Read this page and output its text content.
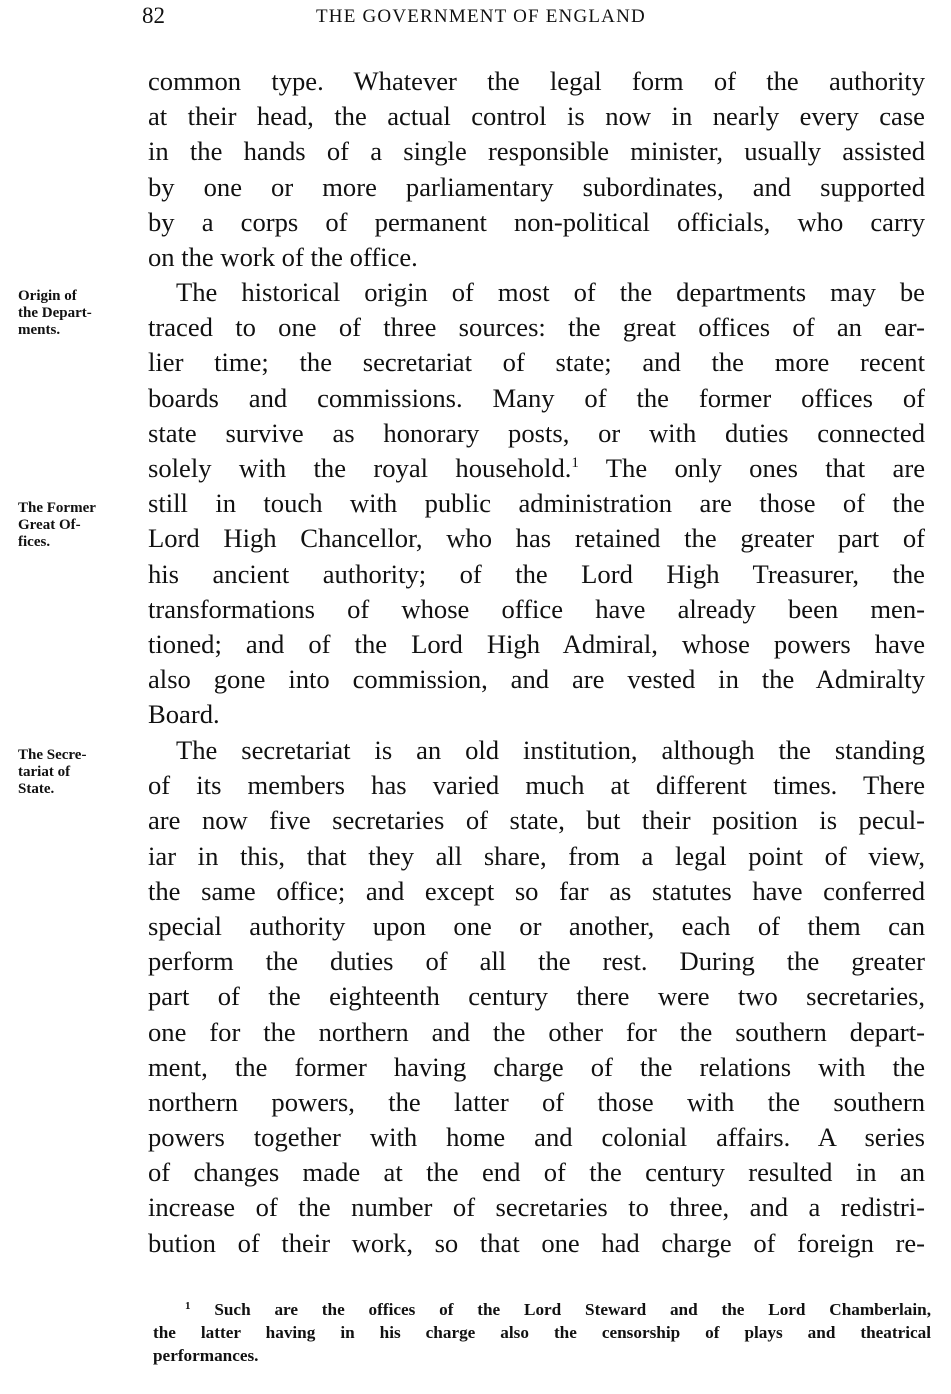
82	THE GOVERNMENT OF ENGLAND
common type. Whatever the legal form of the authority
at their head, the actual control is now in nearly every case
in the hands of a single responsible minister, usually assisted
by one or more parliamentary subordinates, and supported
by a corps of permanent non-political officials, who carry
on the work of the office.
The historical origin of most of the departments may be
traced to one of three sources: the great offices of an ear-
lier time; the secretariat of state; and the more recent
boards and commissions. Many of the former offices of
state survive as honorary posts, or with duties connected
solely with the royal household.$^1$ The only ones that are
still in touch with public administration are those of the
Lord High Chancellor, who has retained the greater part of
his ancient authority; of the Lord High Treasurer, the
transformations of whose office have already been men-
tioned; and of the Lord High Admiral, whose powers have
also gone into commission, and are vested in the Admiralty
Board.
The secretariat is an old institution, although the standing
of its members has varied much at different times. There
are now five secretaries of state, but their position is pecul-
iar in this, that they all share, from a legal point of view,
the same office; and except so far as statutes have conferred
special authority upon one or another, each of them can
perform the duties of all the rest. During the greater
part of the eighteenth century there were two secretaries,
one for the northern and the other for the southern depart-
ment, the former having charge of the relations with the
northern powers, the latter of those with the southern
powers together with home and colonial affairs. A series
of changes made at the end of the century resulted in an
increase of the number of secretaries to three, and a redistri-
bution of their work, so that one had charge of foreign re-
Origin of
the Depart-
ments.
The Former
Great Of-
fices.
The Secre-
tariat of
State.
$^1$ Such are the offices of the Lord Steward and the Lord Chamberlain,
the latter having in his charge also the censorship of plays and theatrical
performances.
